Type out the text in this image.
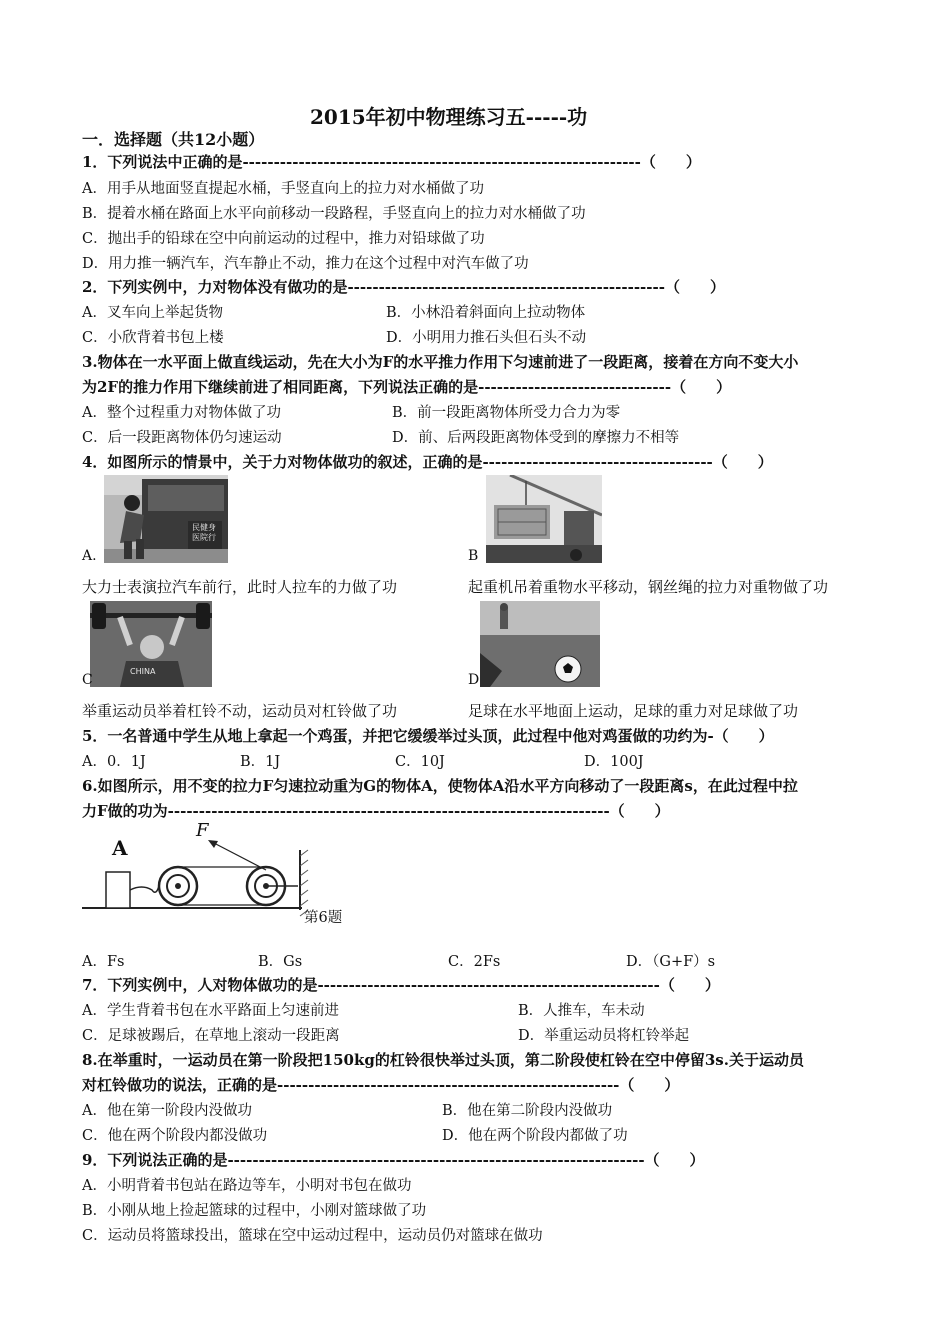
2015年初中物理练习五-----功
一．选择题（共12小题）
1．下列说法中正确的是----------------------------------------------------------------（　　）
A．用手从地面竖直提起水桶，手竖直向上的拉力对水桶做了功
B．提着水桶在路面上水平向前移动一段路程，手竖直向上的拉力对水桶做了功
C．抛出手的铅球在空中向前运动的过程中，推力对铅球做了功
D．用力推一辆汽车，汽车静止不动，推力在这个过程中对汽车做了功
2．下列实例中，力对物体没有做功的是---------------------------------------------------（　　）
A．叉车向上举起货物	B．小林沿着斜面向上拉动物体
C．小欣背着书包上楼	D．小明用力推石头但石头不动
3.物体在一水平面上做直线运动，先在大小为F的水平推力作用下匀速前进了一段距离，接着在方向不变大小
为2F的推力作用下继续前进了相同距离，下列说法正确的是-------------------------------（　　）
A．整个过程重力对物体做了功	B．前一段距离物体所受力合力为零
C．后一段距离物体仍匀速运动	D．前、后两段距离物体受到的摩擦力不相等
4．如图所示的情景中，关于力对物体做功的叙述，正确的是-------------------------------------（　　）
民健身
医院行
A.	B
大力士表演拉汽车前行，此时人拉车的力做了功	起重机吊着重物水平移动，钢丝绳的拉力对重物做了功
CHINA
C	D
举重运动员举着杠铃不动，运动员对杠铃做了功	足球在水平地面上运动，足球的重力对足球做了功
5．一名普通中学生从地上拿起一个鸡蛋，并把它缓缓举过头顶，此过程中他对鸡蛋做的功约为-（　　）
A．0．1J	B．1J	C．10J	D．100J
6.如图所示，用不变的拉力F匀速拉动重为G的物体A，使物体A沿水平方向移动了一段距离s，在此过程中拉
力F做的功为-----------------------------------------------------------------------（　　）
A
F
第6题
A．Fs	B．Gs	C．2Fs	D．（G+F）s
7．下列实例中，人对物体做功的是-------------------------------------------------------（　　）
A．学生背着书包在水平路面上匀速前进	B．人推车，车未动
C．足球被踢后，在草地上滚动一段距离	D．举重运动员将杠铃举起
8.在举重时，一运动员在第一阶段把150kg的杠铃很快举过头顶，第二阶段使杠铃在空中停留3s.关于运动员
对杠铃做功的说法，正确的是-------------------------------------------------------（　　）
A．他在第一阶段内没做功	B．他在第二阶段内没做功
C．他在两个阶段内都没做功	D．他在两个阶段内都做了功
9．下列说法正确的是-------------------------------------------------------------------（　　）
A．小明背着书包站在路边等车，小明对书包在做功
B．小刚从地上捡起篮球的过程中，小刚对篮球做了功
C．运动员将篮球投出，篮球在空中运动过程中，运动员仍对篮球在做功
